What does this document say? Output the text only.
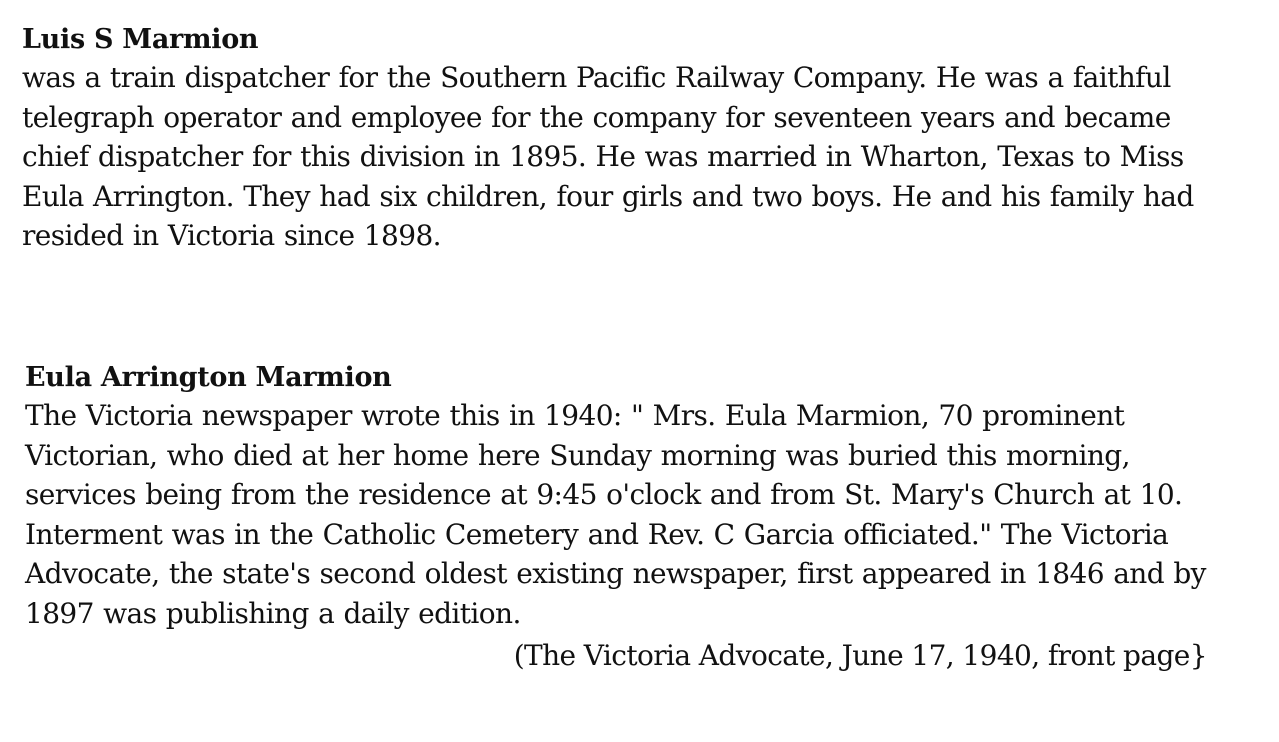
Luis S Marmion

was a train dispatcher for the Southern Pacific Railway Company. He was a faithful telegraph operator and employee for the company for seventeen years and became chief dispatcher for this division in 1895. He was married in Wharton, Texas to Miss Eula Arrington. They had six children, four girls and two boys. He and his family had resided in Victoria since 1898.

Eula Arrington Marmion

The Victoria newspaper wrote this in 1940: " Mrs. Eula Marmion, 70 prominent Victorian, who died at her home here Sunday morning was buried this morning, services being from the residence at 9:45 o'clock and from St. Mary's Church at 10. Interment was in the Catholic Cemetery and Rev. C Garcia officiated." The Victoria Advocate, the state's second oldest existing newspaper, first appeared in 1846 and by 1897 was publishing a daily edition.

(The Victoria Advocate, June 17, 1940, front page}
